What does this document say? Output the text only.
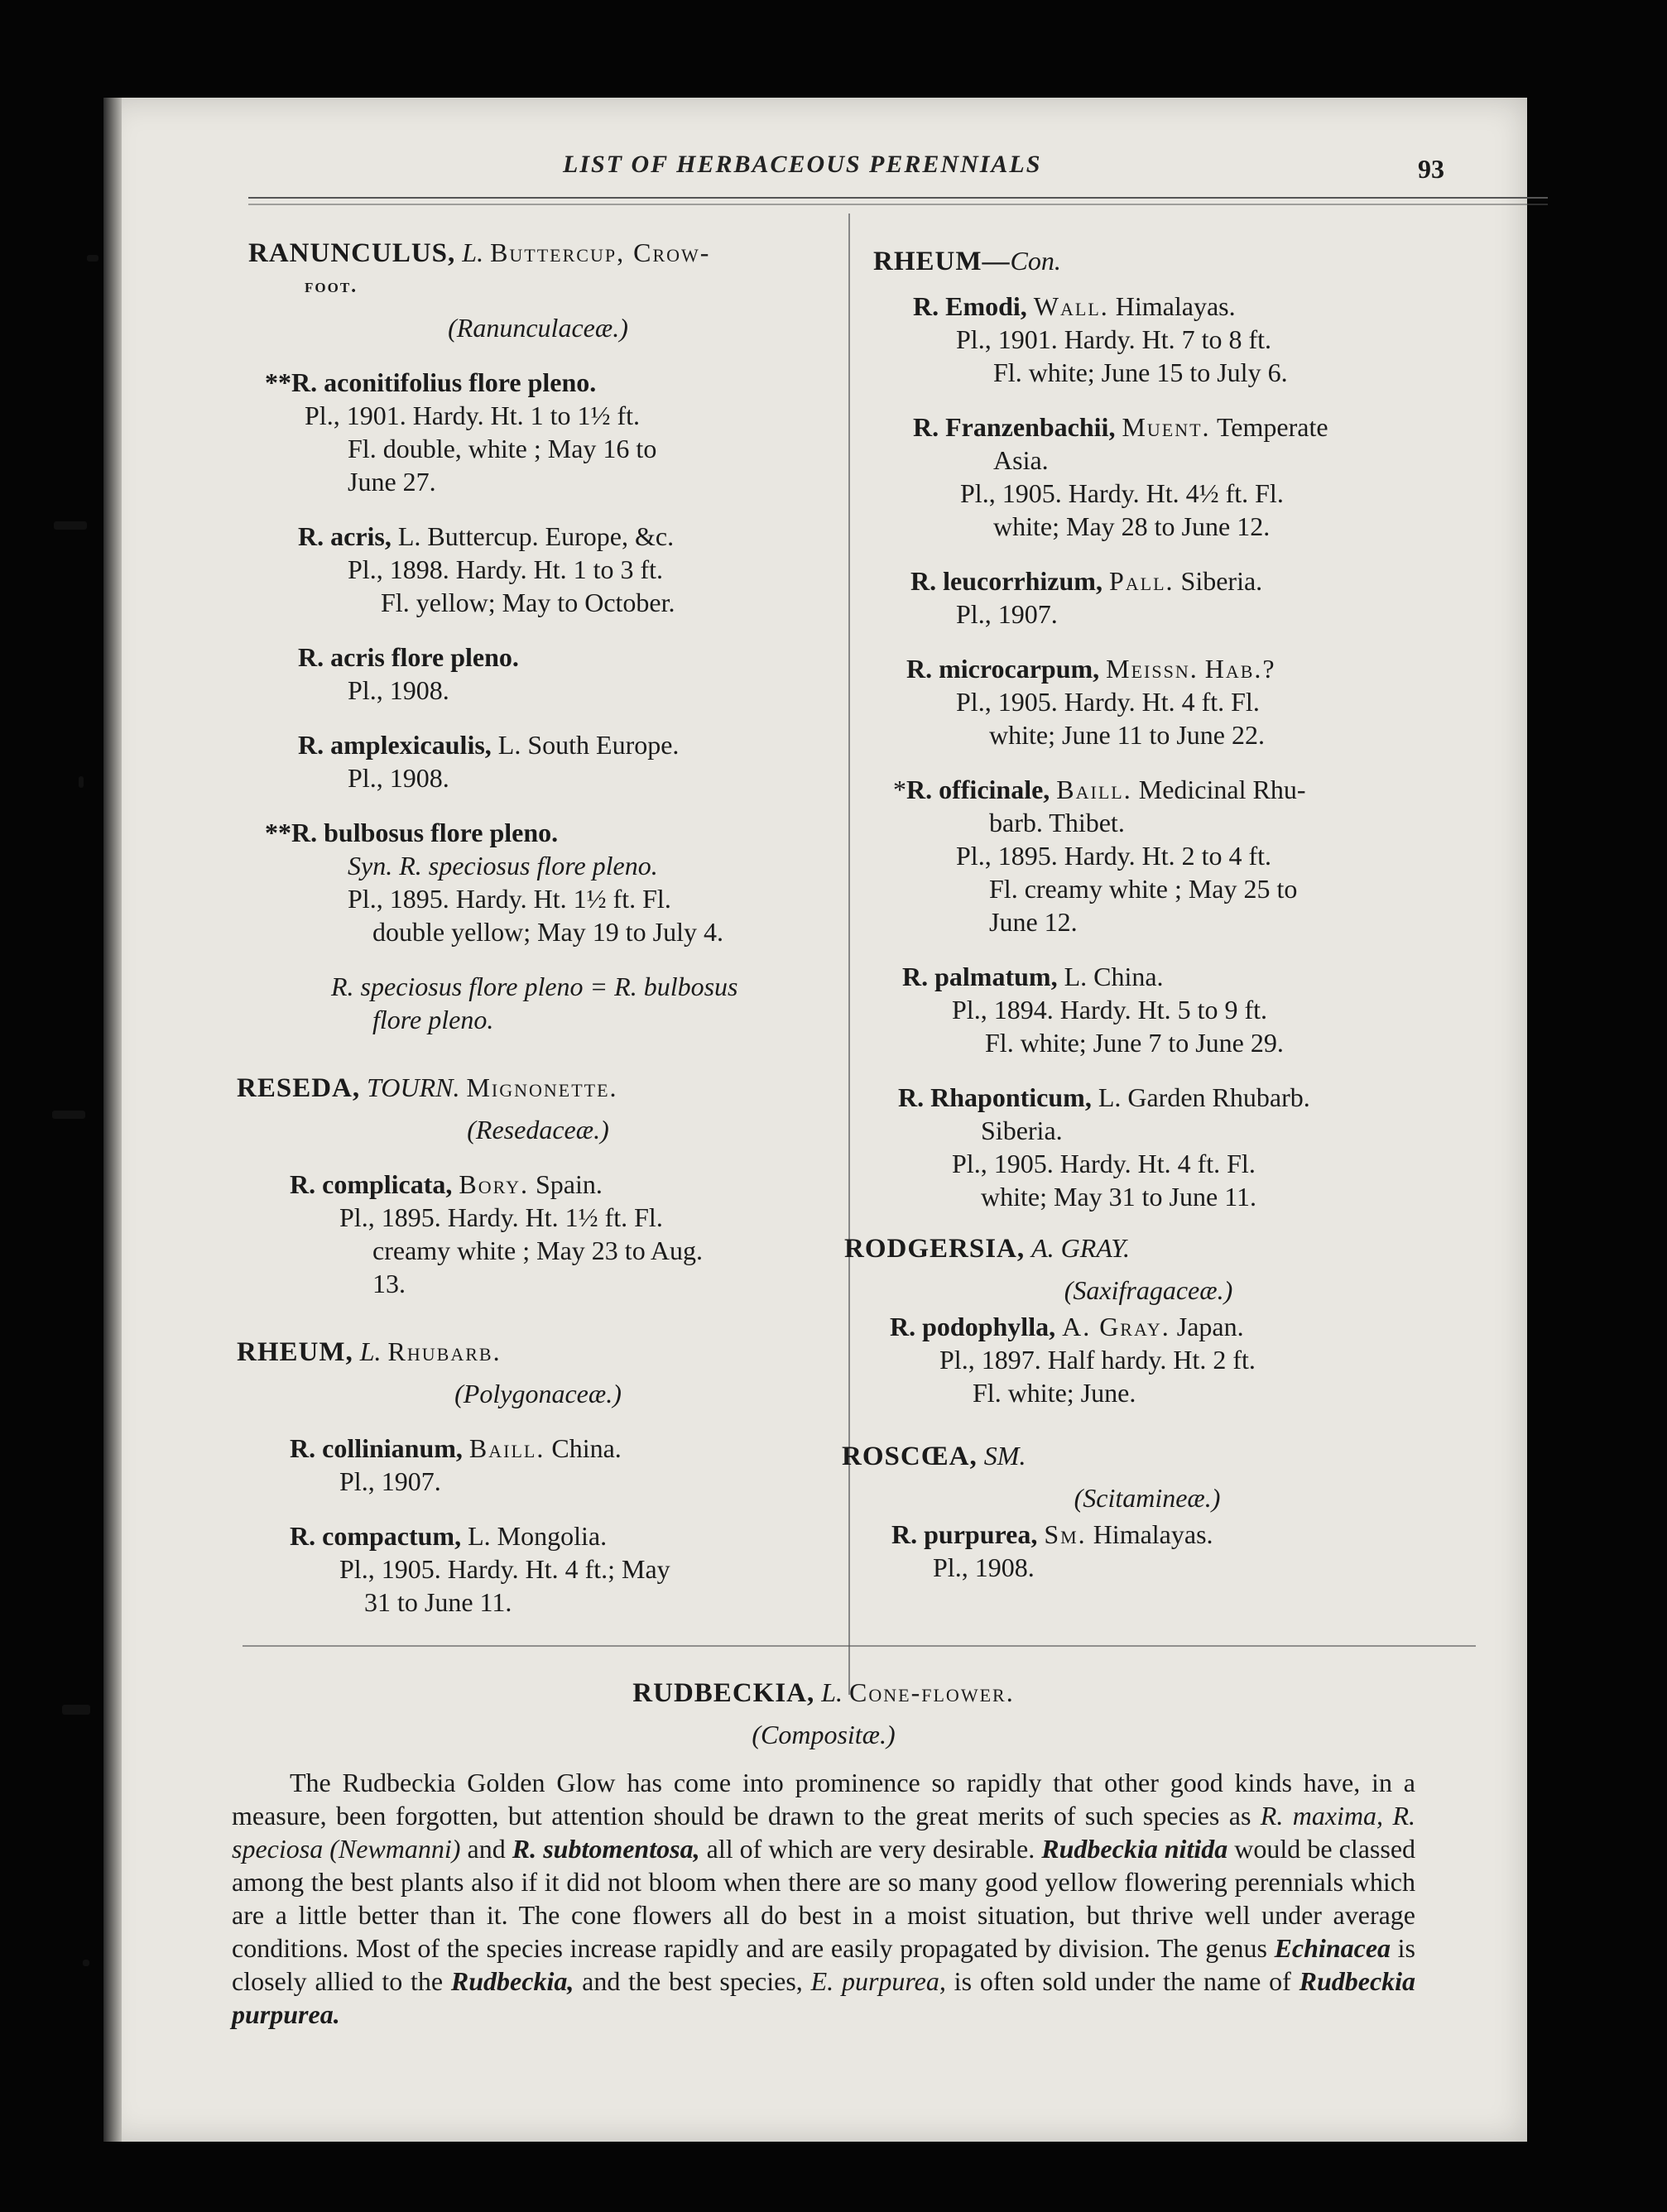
LIST OF HERBACEOUS PERENNIALS	93

RANUNCULUS, L. Buttercup, Crow-

foot.

(Ranunculaceæ.)

**R. aconitifolius flore pleno.

Pl., 1901. Hardy. Ht. 1 to 1½ ft.

Fl. double, white ; May 16 to

June 27.

R. acris, L. Buttercup. Europe, &c.

Pl., 1898. Hardy. Ht. 1 to 3 ft.

Fl. yellow; May to October.

R. acris flore pleno.

Pl., 1908.

R. amplexicaulis, L. South Europe.

Pl., 1908.

**R. bulbosus flore pleno.

Syn. R. speciosus flore pleno.

Pl., 1895. Hardy. Ht. 1½ ft. Fl.

double yellow; May 19 to July 4.

R. speciosus flore pleno = R. bulbosus

flore pleno.

RESEDA, TOURN. Mignonette.

(Resedaceæ.)

R. complicata, Bory. Spain.

Pl., 1895. Hardy. Ht. 1½ ft. Fl.

creamy white ; May 23 to Aug.

13.

RHEUM, L. Rhubarb.

(Polygonaceæ.)

R. collinianum, Baill. China.

Pl., 1907.

R. compactum, L. Mongolia.

Pl., 1905. Hardy. Ht. 4 ft.; May

31 to June 11.

RHEUM—Con.

R. Emodi, Wall. Himalayas.

Pl., 1901. Hardy. Ht. 7 to 8 ft.

Fl. white; June 15 to July 6.

R. Franzenbachii, Muent. Temperate

Asia.

Pl., 1905. Hardy. Ht. 4½ ft. Fl.

white; May 28 to June 12.

R. leucorrhizum, Pall. Siberia.

Pl., 1907.

R. microcarpum, Meissn. Hab.?

Pl., 1905. Hardy. Ht. 4 ft. Fl.

white; June 11 to June 22.

*R. officinale, Baill. Medicinal Rhu-

barb. Thibet.

Pl., 1895. Hardy. Ht. 2 to 4 ft.

Fl. creamy white ; May 25 to

June 12.

R. palmatum, L. China.

Pl., 1894. Hardy. Ht. 5 to 9 ft.

Fl. white; June 7 to June 29.

R. Rhaponticum, L. Garden Rhubarb.

Siberia.

Pl., 1905. Hardy. Ht. 4 ft. Fl.

white; May 31 to June 11.

RODGERSIA, A. GRAY.

(Saxifragaceæ.)

R. podophylla, A. Gray. Japan.

Pl., 1897. Half hardy. Ht. 2 ft.

Fl. white; June.

ROSCŒA, SM.

(Scitamineæ.)

R. purpurea, Sm. Himalayas.

Pl., 1908.

RUDBECKIA, L. Cone-flower.

(Compositæ.)

The Rudbeckia Golden Glow has come into prominence so rapidly that other good kinds have, in a measure, been forgotten, but attention should be drawn to the great merits of such species as R. maxima, R. speciosa (Newmanni) and R. subtomentosa, all of which are very desirable. Rudbeckia nitida would be classed among the best plants also if it did not bloom when there are so many good yellow flowering perennials which are a little better than it. The cone flowers all do best in a moist situation, but thrive well under average conditions. Most of the species increase rapidly and are easily propagated by division. The genus Echinacea is closely allied to the Rudbeckia, and the best species, E. purpurea, is often sold under the name of Rudbeckia purpurea.
